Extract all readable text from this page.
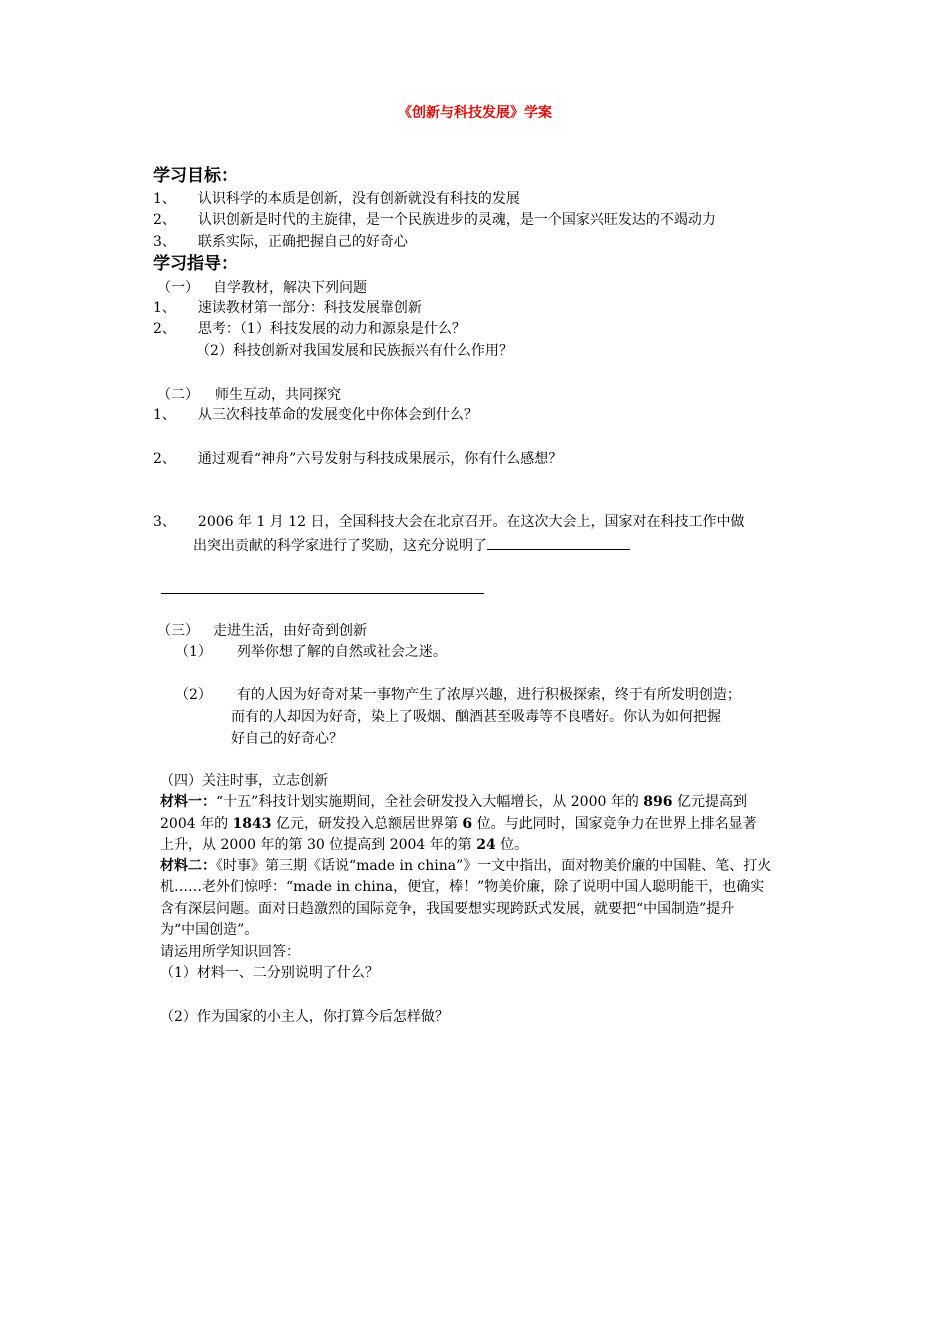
《创新与科技发展》学案
学习目标：
1、 认识科学的本质是创新，没有创新就没有科技的发展
2、 认识创新是时代的主旋律，是一个民族进步的灵魂，是一个国家兴旺发达的不竭动力
3、 联系实际，正确把握自己的好奇心
学习指导：
（一） 自学教材，解决下列问题
1、 速读教材第一部分：科技发展靠创新
2、 思考：（1）科技发展的动力和源泉是什么？
（2）科技创新对我国发展和民族振兴有什么作用？
（二） 师生互动，共同探究
1、 从三次科技革命的发展变化中你体会到什么？
2、 通过观看“神舟”六号发射与科技成果展示，你有什么感想？
3、 2006 年 1 月 12 日，全国科技大会在北京召开。在这次大会上，国家对在科技工作中做
出突出贡献的科学家进行了奖励，这充分说明了
（三） 走进生活，由好奇到创新
（1） 列举你想了解的自然或社会之迷。
（2） 有的人因为好奇对某一事物产生了浓厚兴趣，进行积极探索，终于有所发明创造；
而有的人却因为好奇，染上了吸烟、酗酒甚至吸毒等不良嗜好。你认为如何把握
好自己的好奇心？
（四）关注时事，立志创新
材料一：“十五”科技计划实施期间，全社会研发投入大幅增长，从 2000 年的 896 亿元提高到
2004 年的 1843 亿元，研发投入总额居世界第 6 位。与此同时，国家竞争力在世界上排名显著
上升，从 2000 年的第 30 位提高到 2004 年的第 24 位。
材料二：《时事》第三期《话说“made in china”》一文中指出，面对物美价廉的中国鞋、笔、打火
机……老外们惊呼：“made in china，便宜，棒！”物美价廉，除了说明中国人聪明能干，也确实
含有深层问题。面对日趋激烈的国际竞争，我国要想实现跨跃式发展，就要把“中国制造”提升
为“中国创造”。
请运用所学知识回答：
（1）材料一、二分别说明了什么？
（2）作为国家的小主人，你打算今后怎样做？
